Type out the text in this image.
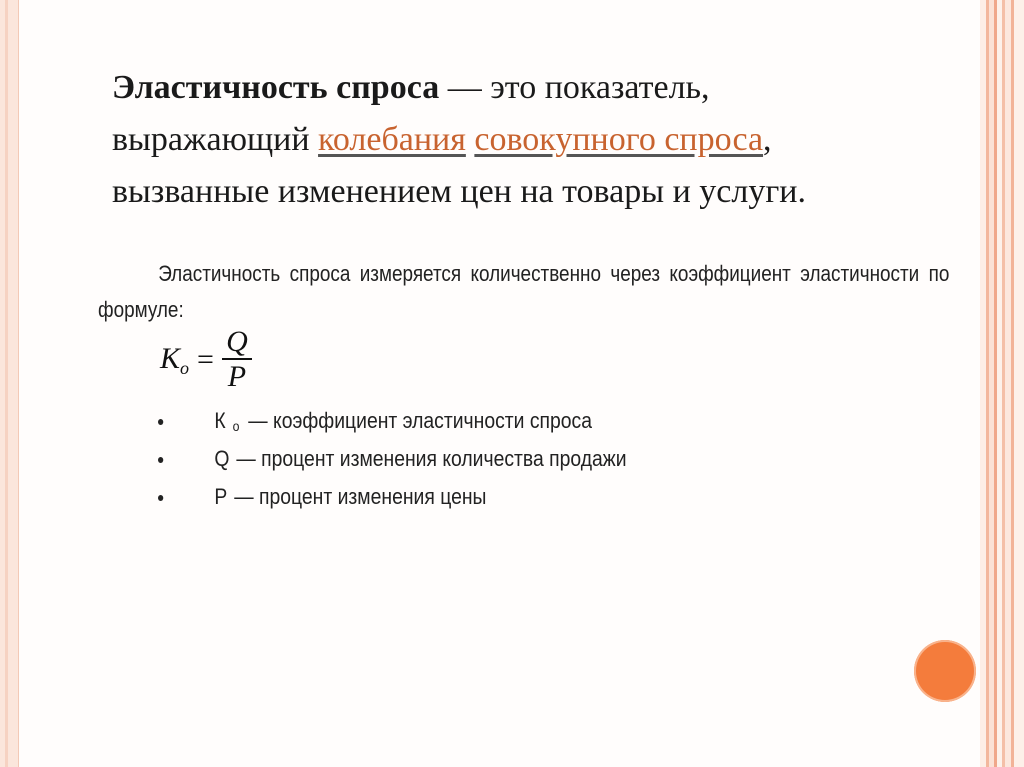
Эластичность спроса — это показатель,
выражающий колебания совокупного спроса,
вызванные изменением цен на товары и услуги.
Эластичность спроса измеряется количественно через коэффициент эластичности по формуле:
$K_o = \frac{Q}{P}$
Ко — коэффициент эластичности спроса
Q — процент изменения количества продажи
Р — процент изменения цены
